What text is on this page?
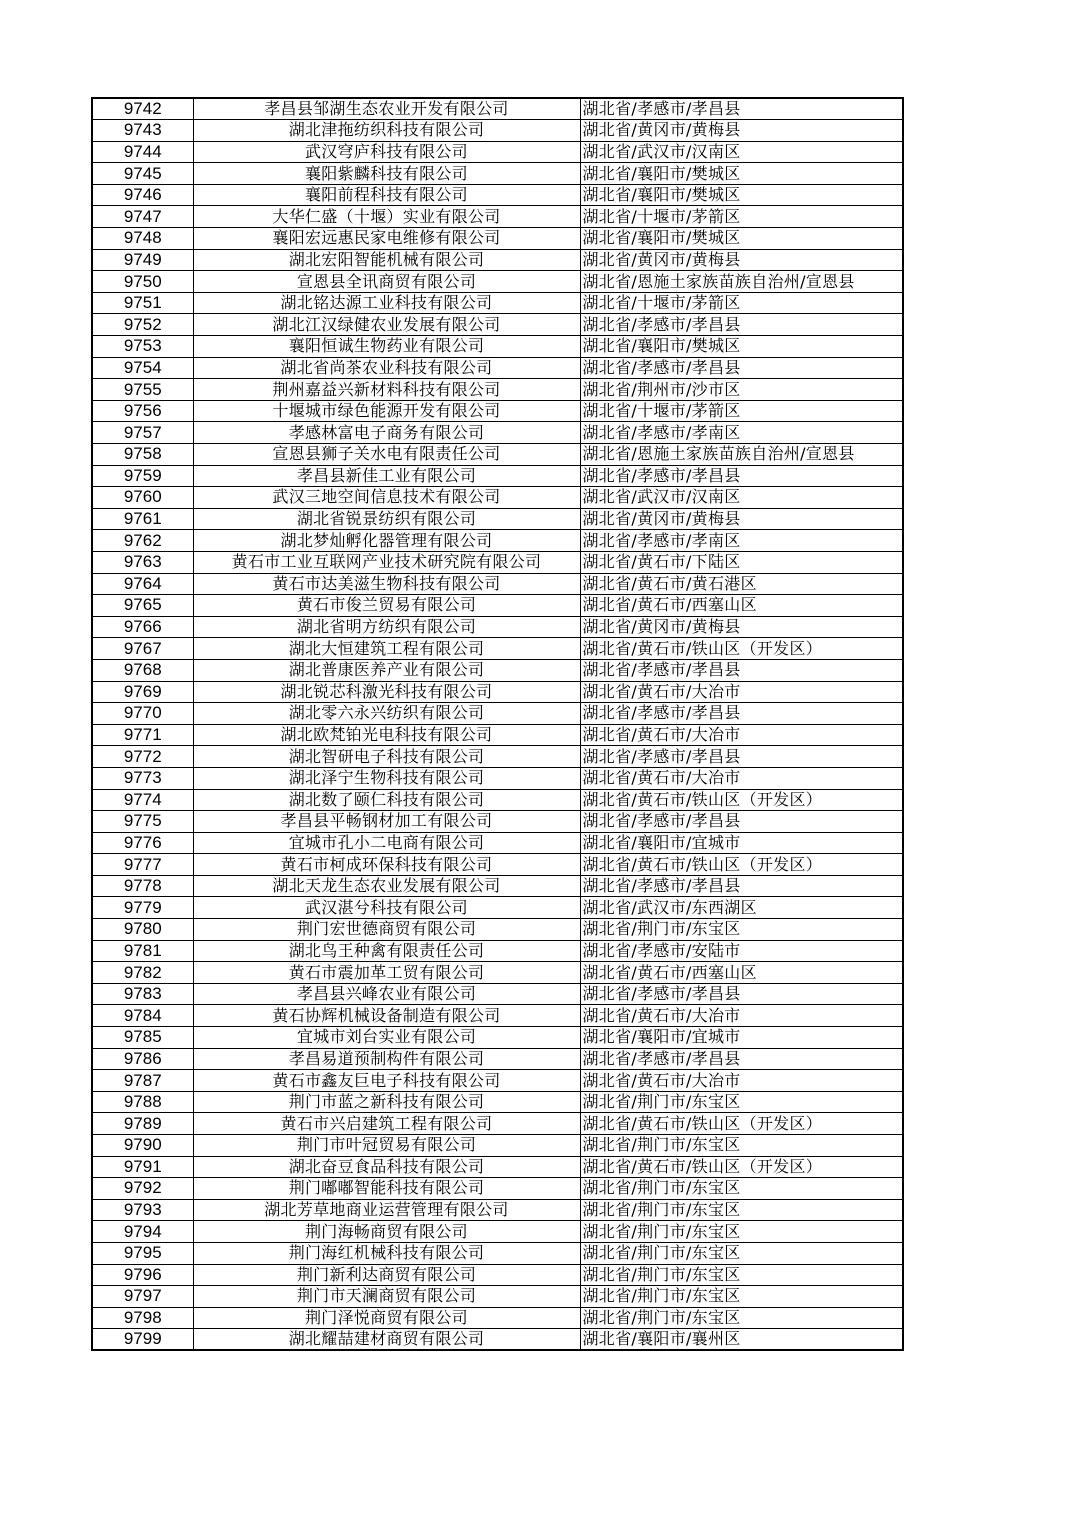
9742	孝昌县邹湖生态农业开发有限公司	湖北省/孝感市/孝昌县
9743	湖北津拖纺织科技有限公司	湖北省/黄冈市/黄梅县
9744	武汉穹庐科技有限公司	湖北省/武汉市/汉南区
9745	襄阳紫麟科技有限公司	湖北省/襄阳市/樊城区
9746	襄阳前程科技有限公司	湖北省/襄阳市/樊城区
9747	大华仁盛（十堰）实业有限公司	湖北省/十堰市/茅箭区
9748	襄阳宏远惠民家电维修有限公司	湖北省/襄阳市/樊城区
9749	湖北宏阳智能机械有限公司	湖北省/黄冈市/黄梅县
9750	宣恩县全讯商贸有限公司	湖北省/恩施土家族苗族自治州/宣恩县
9751	湖北铭达源工业科技有限公司	湖北省/十堰市/茅箭区
9752	湖北江汉绿健农业发展有限公司	湖北省/孝感市/孝昌县
9753	襄阳恒诚生物药业有限公司	湖北省/襄阳市/樊城区
9754	湖北省尚茶农业科技有限公司	湖北省/孝感市/孝昌县
9755	荆州嘉益兴新材料科技有限公司	湖北省/荆州市/沙市区
9756	十堰城市绿色能源开发有限公司	湖北省/十堰市/茅箭区
9757	孝感林富电子商务有限公司	湖北省/孝感市/孝南区
9758	宣恩县狮子关水电有限责任公司	湖北省/恩施土家族苗族自治州/宣恩县
9759	孝昌县新佳工业有限公司	湖北省/孝感市/孝昌县
9760	武汉三地空间信息技术有限公司	湖北省/武汉市/汉南区
9761	湖北省锐景纺织有限公司	湖北省/黄冈市/黄梅县
9762	湖北梦灿孵化器管理有限公司	湖北省/孝感市/孝南区
9763	黄石市工业互联网产业技术研究院有限公司	湖北省/黄石市/下陆区
9764	黄石市达美滋生物科技有限公司	湖北省/黄石市/黄石港区
9765	黄石市俊兰贸易有限公司	湖北省/黄石市/西塞山区
9766	湖北省明方纺织有限公司	湖北省/黄冈市/黄梅县
9767	湖北大恒建筑工程有限公司	湖北省/黄石市/铁山区（开发区）
9768	湖北普康医养产业有限公司	湖北省/孝感市/孝昌县
9769	湖北锐芯科激光科技有限公司	湖北省/黄石市/大冶市
9770	湖北零六永兴纺织有限公司	湖北省/孝感市/孝昌县
9771	湖北欧梵铂光电科技有限公司	湖北省/黄石市/大冶市
9772	湖北智研电子科技有限公司	湖北省/孝感市/孝昌县
9773	湖北泽宁生物科技有限公司	湖北省/黄石市/大冶市
9774	湖北数了颐仁科技有限公司	湖北省/黄石市/铁山区（开发区）
9775	孝昌县平畅钢材加工有限公司	湖北省/孝感市/孝昌县
9776	宜城市孔小二电商有限公司	湖北省/襄阳市/宜城市
9777	黄石市柯成环保科技有限公司	湖北省/黄石市/铁山区（开发区）
9778	湖北天龙生态农业发展有限公司	湖北省/孝感市/孝昌县
9779	武汉湛兮科技有限公司	湖北省/武汉市/东西湖区
9780	荆门宏世德商贸有限公司	湖北省/荆门市/东宝区
9781	湖北鸟王种禽有限责任公司	湖北省/孝感市/安陆市
9782	黄石市震加革工贸有限公司	湖北省/黄石市/西塞山区
9783	孝昌县兴峰农业有限公司	湖北省/孝感市/孝昌县
9784	黄石协辉机械设备制造有限公司	湖北省/黄石市/大冶市
9785	宜城市刘台实业有限公司	湖北省/襄阳市/宜城市
9786	孝昌易道预制构件有限公司	湖北省/孝感市/孝昌县
9787	黄石市鑫友巨电子科技有限公司	湖北省/黄石市/大冶市
9788	荆门市蓝之新科技有限公司	湖北省/荆门市/东宝区
9789	黄石市兴启建筑工程有限公司	湖北省/黄石市/铁山区（开发区）
9790	荆门市叶冠贸易有限公司	湖北省/荆门市/东宝区
9791	湖北奋豆食品科技有限公司	湖北省/黄石市/铁山区（开发区）
9792	荆门嘟嘟智能科技有限公司	湖北省/荆门市/东宝区
9793	湖北芳草地商业运营管理有限公司	湖北省/荆门市/东宝区
9794	荆门海畅商贸有限公司	湖北省/荆门市/东宝区
9795	荆门海红机械科技有限公司	湖北省/荆门市/东宝区
9796	荆门新利达商贸有限公司	湖北省/荆门市/东宝区
9797	荆门市天澜商贸有限公司	湖北省/荆门市/东宝区
9798	荆门泽悦商贸有限公司	湖北省/荆门市/东宝区
9799	湖北耀喆建材商贸有限公司	湖北省/襄阳市/襄州区
